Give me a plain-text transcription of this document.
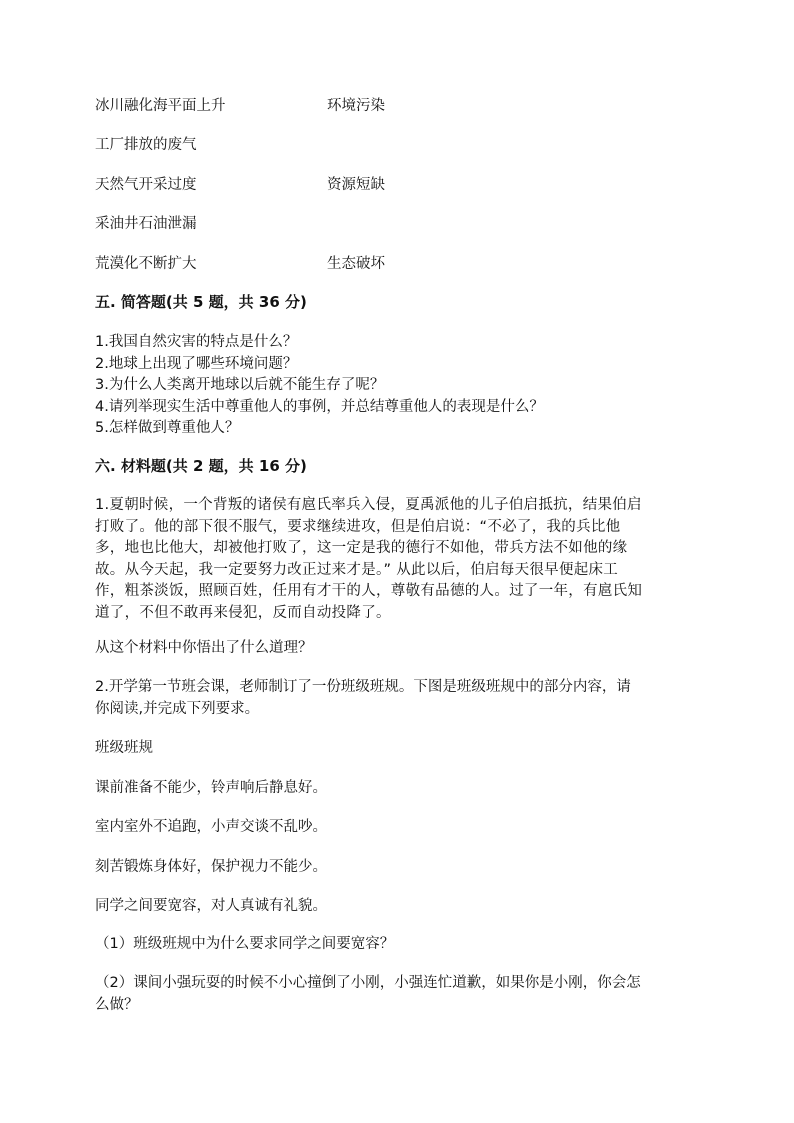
冰川融化海平面上升	环境污染

工厂排放的废气

天然气开采过度	资源短缺

采油井石油泄漏

荒漠化不断扩大	生态破坏

五. 简答题(共 5 题，共 36 分)

1.我国自然灾害的特点是什么？

2.地球上出现了哪些环境问题？

3.为什么人类离开地球以后就不能生存了呢？

4.请列举现实生活中尊重他人的事例，并总结尊重他人的表现是什么？

5.怎样做到尊重他人？

六. 材料题(共 2 题，共 16 分)

1.夏朝时候，一个背叛的诸侯有扈氏率兵入侵，夏禹派他的儿子伯启抵抗，结果伯启

打败了。他的部下很不服气，要求继续进攻，但是伯启说：“不必了，我的兵比他

多，地也比他大，却被他打败了，这一定是我的德行不如他，带兵方法不如他的缘

故。从今天起，我一定要努力改正过来才是。” 从此以后，伯启每天很早便起床工

作，粗茶淡饭，照顾百姓，任用有才干的人，尊敬有品德的人。过了一年，有扈氏知

道了，不但不敢再来侵犯，反而自动投降了。

从这个材料中你悟出了什么道理？

2.开学第一节班会课，老师制订了一份班级班规。下图是班级班规中的部分内容，请

你阅读,并完成下列要求。

班级班规

课前准备不能少，铃声响后静息好。

室内室外不追跑，小声交谈不乱吵。

刻苦锻炼身体好，保护视力不能少。

同学之间要宽容，对人真诚有礼貌。

（1）班级班规中为什么要求同学之间要宽容？

（2）课间小强玩耍的时候不小心撞倒了小刚，小强连忙道歉，如果你是小刚，你会怎

么做？
